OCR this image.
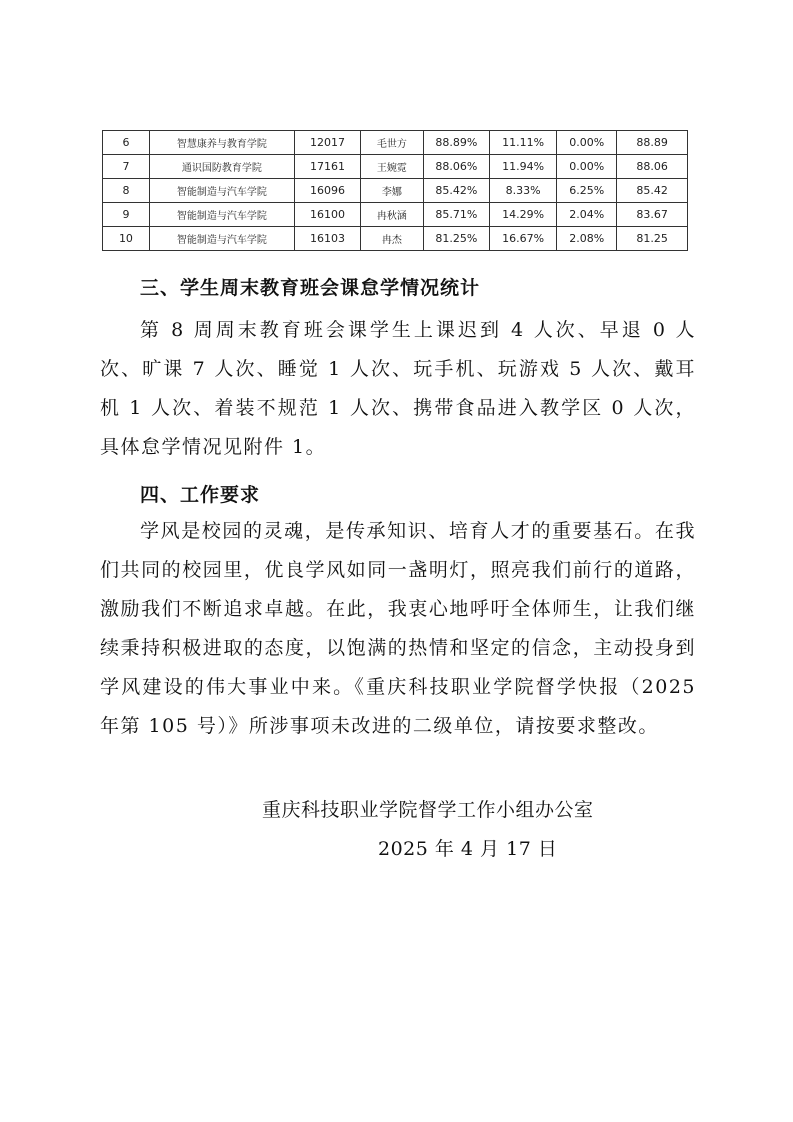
6	智慧康养与教育学院	12017	毛世方	88.89%	11.11%	0.00%	88.89
7	通识国防教育学院	17161	王婉霓	88.06%	11.94%	0.00%	88.06
8	智能制造与汽车学院	16096	李娜	85.42%	8.33%	6.25%	85.42
9	智能制造与汽车学院	16100	冉秋涵	85.71%	14.29%	2.04%	83.67
10	智能制造与汽车学院	16103	冉杰	81.25%	16.67%	2.08%	81.25
三、学生周末教育班会课怠学情况统计
第 8 周周末教育班会课学生上课迟到 4 人次、早退 0 人次、旷课 7 人次、睡觉 1 人次、玩手机、玩游戏 5 人次、戴耳机 1 人次、着装不规范 1 人次、携带食品进入教学区 0 人次，具体怠学情况见附件 1。
四、工作要求
学风是校园的灵魂，是传承知识、培育人才的重要基石。在我们共同的校园里，优良学风如同一盏明灯，照亮我们前行的道路，激励我们不断追求卓越。在此，我衷心地呼吁全体师生，让我们继续秉持积极进取的态度，以饱满的热情和坚定的信念，主动投身到学风建设的伟大事业中来。《重庆科技职业学院督学快报（2025 年第 105 号）》所涉事项未改进的二级单位，请按要求整改。
重庆科技职业学院督学工作小组办公室
2025 年 4 月 17 日
